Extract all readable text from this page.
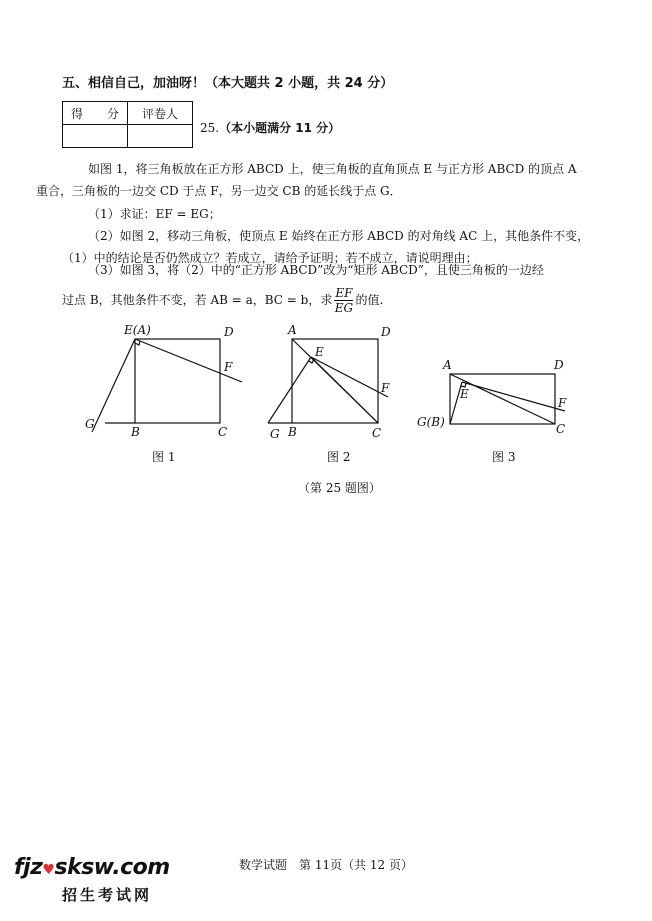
五、相信自己，加油呀！（本大题共 2 小题，共 24 分）
得　　分	评卷人

25.（本小题满分 11 分）
如图 1，将三角板放在正方形 ABCD 上，使三角板的直角顶点 E 与正方形 ABCD 的顶点 A
重合，三角板的一边交 CD 于点 F，另一边交 CB 的延长线于点 G．
（1）求证：EF = EG；
（2）如图 2，移动三角板，使顶点 E 始终在正方形 ABCD 的对角线 AC 上，其他条件不变，（1）中的结论是否仍然成立？若成立，请给予证明；若不成立，请说明理由；
（3）如图 3，将（2）中的“正方形 ABCD”改为“矩形 ABCD”，且使三角板的一边经
过点 B，其他条件不变，若 AB = a，BC = b，求 $\frac{EF}{EG}$ 的值.
E(A)	D
F
G
B	C
A	D
E
F
G B	C
A	D
E
F
G(B)	C
图 1	图 2	图 3
（第 25 题图）
数学试题　第 11页（共 12 页）
fjz♥sksw.com
招生考试网
